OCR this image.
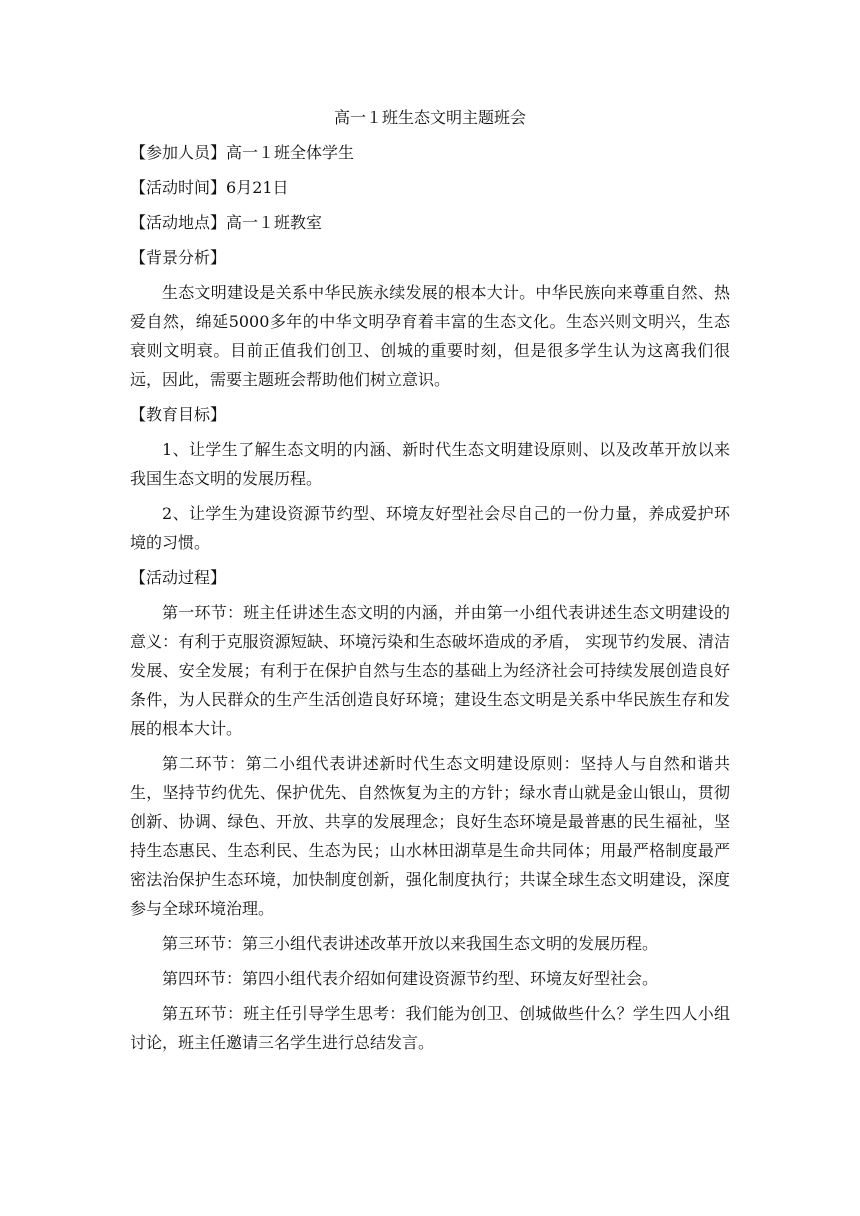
高一１班生态文明主题班会
【参加人员】高一１班全体学生
【活动时间】6月21日
【活动地点】高一１班教室
【背景分析】
生态文明建设是关系中华民族永续发展的根本大计。中华民族向来尊重自然、热爱自然，绵延5000多年的中华文明孕育着丰富的生态文化。生态兴则文明兴，生态衰则文明衰。目前正值我们创卫、创城的重要时刻，但是很多学生认为这离我们很远，因此，需要主题班会帮助他们树立意识。
【教育目标】
1、让学生了解生态文明的内涵、新时代生态文明建设原则、以及改革开放以来我国生态文明的发展历程。
2、让学生为建设资源节约型、环境友好型社会尽自己的一份力量，养成爱护环境的习惯。
【活动过程】
第一环节：班主任讲述生态文明的内涵，并由第一小组代表讲述生态文明建设的意义：有利于克服资源短缺、环境污染和生态破坏造成的矛盾， 实现节约发展、清洁发展、安全发展；有利于在保护自然与生态的基础上为经济社会可持续发展创造良好条件，为人民群众的生产生活创造良好环境；建设生态文明是关系中华民族生存和发展的根本大计。
第二环节：第二小组代表讲述新时代生态文明建设原则：坚持人与自然和谐共生，坚持节约优先、保护优先、自然恢复为主的方针；绿水青山就是金山银山，贯彻创新、协调、绿色、开放、共享的发展理念；良好生态环境是最普惠的民生福祉，坚持生态惠民、生态利民、生态为民；山水林田湖草是生命共同体；用最严格制度最严密法治保护生态环境，加快制度创新，强化制度执行；共谋全球生态文明建设，深度参与全球环境治理。
第三环节：第三小组代表讲述改革开放以来我国生态文明的发展历程。
第四环节：第四小组代表介绍如何建设资源节约型、环境友好型社会。
第五环节：班主任引导学生思考：我们能为创卫、创城做些什么？学生四人小组讨论，班主任邀请三名学生进行总结发言。
